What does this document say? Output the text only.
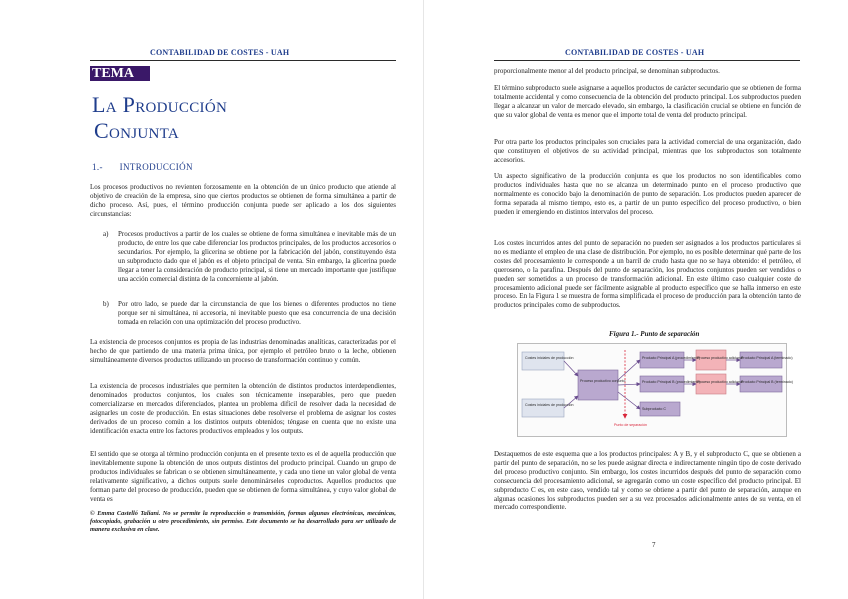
CONTABILIDAD DE COSTES - UAH
TEMA 10
La Producción
Conjunta
1.- INTRODUCCIÓN
Los procesos productivos no revienten forzosamente en la obtención de un único producto que atiende al objetivo de creación de la empresa, sino que ciertos productos se obtienen de forma simultánea a partir de dicho proceso. Así, pues, el término producción conjunta puede ser aplicado a los dos siguientes circunstancias:
a) Procesos productivos a partir de los cuales se obtiene de forma simultánea e inevitable más de un producto, de entre los que cabe diferenciar los productos principales, de los productos accesorios o secundarios. Por ejemplo, la glicerina se obtiene por la fabricación del jabón, constituyendo ésta un subproducto dado que el jabón es el objeto principal de venta. Sin embargo, la glicerina puede llegar a tener la consideración de producto principal, si tiene un mercado importante que justifique una acción comercial distinta de la concerniente al jabón.
b) Por otro lado, se puede dar la circunstancia de que los bienes o diferentes productos no tiene porque ser ni simultánea, ni accesoria, ni inevitable puesto que esa concurrencia de una decisión tomada en relación con una optimización del proceso productivo.
La existencia de procesos conjuntos es propia de las industrias denominadas analíticas, caracterizadas por el hecho de que partiendo de una materia prima única, por ejemplo el petróleo bruto o la leche, obtienen simultáneamente diversos productos utilizando un proceso de transformación continuo y común.
La existencia de procesos industriales que permiten la obtención de distintos productos interdependientes, denominados productos conjuntos, los cuales son técnicamente inseparables, pero que pueden comercializarse en mercados diferenciados, plantea un problema difícil de resolver dada la necesidad de asignarles un coste de producción. En estas situaciones debe resolverse el problema de asignar los costes derivados de un proceso común a los distintos outputs obtenidos; téngase en cuenta que no existe una identificación exacta entre los factores productivos empleados y los outputs.
El sentido que se otorga al término producción conjunta en el presente texto es el de aquella producción que inevitablemente supone la obtención de unos outputs distintos del producto principal. Cuando un grupo de productos individuales se fabrican o se obtienen simultáneamente, y cada uno tiene un valor global de venta relativamente significativo, a dichos outputs suele denominárseles coproductos. Aquellos productos que forman parte del proceso de producción, pueden que se obtienen de forma simultánea, y cuyo valor global de venta es
© Emma Castelló Taliani. No se permite la reproducción o transmisión, formas algunas electrónicas, mecánicas, fotocopiado, grabación u otro procedimiento, sin permiso. Este documento se ha desarrollado para ser utilizado de manera exclusiva en clase.
CONTABILIDAD DE COSTES - UAH
proporcionalmente menor al del producto principal, se denominan subproductos.
El término subproducto suele asignarse a aquellos productos de carácter secundario que se obtienen de forma totalmente accidental y como consecuencia de la obtención del producto principal. Los subproductos pueden llegar a alcanzar un valor de mercado elevado, sin embargo, la clasificación crucial se obtiene en función de que su valor global de venta es menor que el importe total de venta del producto principal.
Por otra parte los productos principales son cruciales para la actividad comercial de una organización, dado que constituyen el objetivos de su actividad principal, mientras que los subproductos son totalmente accesorios.
Un aspecto significativo de la producción conjunta es que los productos no son identificables como productos individuales hasta que no se alcanza un determinado punto en el proceso productivo que normalmente es conocido bajo la denominación de punto de separación. Los productos pueden aparecer de forma separada al mismo tiempo, esto es, a partir de un punto específico del proceso productivo, o bien pueden ir emergiendo en distintos intervalos del proceso.
Los costes incurridos antes del punto de separación no pueden ser asignados a los productos particulares si no es mediante el empleo de una clase de distribución. Por ejemplo, no es posible determinar qué parte de los costes del procesamiento le corresponde a un barril de crudo hasta que no se haya obtenido: el petróleo, el queroseno, o la parafina. Después del punto de separación, los productos conjuntos pueden ser vendidos o pueden ser sometidos a un proceso de transformación adicional. En este último caso cualquier coste de procesamiento adicional puede ser fácilmente asignable al producto específico que se halla inmerso en este proceso. En la Figura 1 se muestra de forma simplificada el proceso de producción para la obtención tanto de productos principales como de subproductos.
Figura 1.- Punto de separación
Costes iniciales de producción
Proceso productivo conjunto
Costes iniciales de producción
Producto Principal A (procedimiento)
Producto Principal B (procedimiento)
Subproducto C
Proceso productivo adicional
Proceso productivo adicional
Producto Principal A (terminado)
Producto Principal B (terminado)
Punto de separación
Destaquemos de este esquema que a los productos principales: A y B, y el subproducto C, que se obtienen a partir del punto de separación, no se les puede asignar directa e indirectamente ningún tipo de coste derivado del proceso productivo conjunto. Sin embargo, los costes incurridos después del punto de separación como consecuencia del procesamiento adicional, se agregarán como un coste específico del producto principal. El subproducto C es, en este caso, vendido tal y como se obtiene a partir del punto de separación, aunque en algunas ocasiones los subproductos pueden ser a su vez procesados adicionalmente antes de su venta, en el mercado correspondiente.
7
